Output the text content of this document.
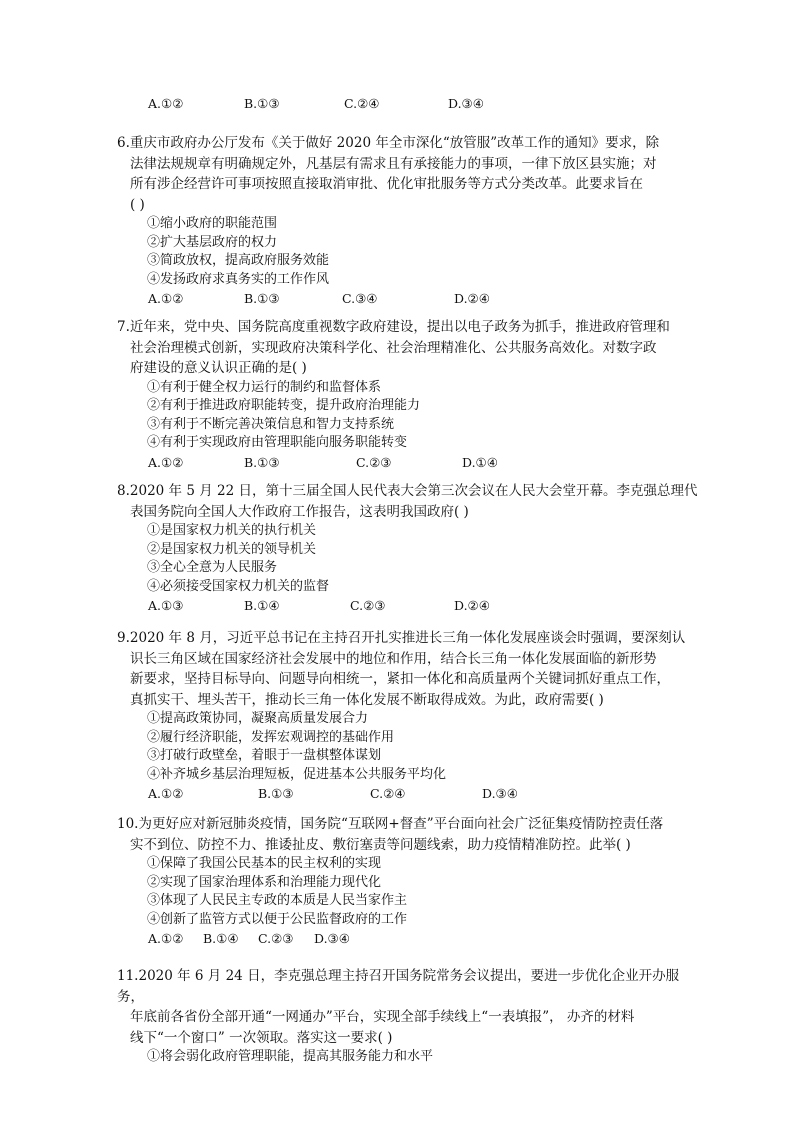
A.①②	B.①③	C.②④	D.③④

6.重庆市政府办公厅发布《关于做好 2020 年全市深化“放管服”改革工作的通知》要求，除

法律法规规章有明确规定外，凡基层有需求且有承接能力的事项，一律下放区县实施；对

所有涉企经营许可事项按照直接取消审批、优化审批服务等方式分类改革。此要求旨在

( )

①缩小政府的职能范围

②扩大基层政府的权力

③简政放权，提高政府服务效能

④发扬政府求真务实的工作作风

A.①②	B.①③	C.③④	D.②④

7.近年来，党中央、国务院高度重视数字政府建设，提出以电子政务为抓手，推进政府管理和

社会治理模式创新，实现政府决策科学化、社会治理精准化、公共服务高效化。对数字政

府建设的意义认识正确的是( )

①有利于健全权力运行的制约和监督体系

②有利于推进政府职能转变，提升政府治理能力

③有利于不断完善决策信息和智力支持系统

④有利于实现政府由管理职能向服务职能转变

A.①②	B.①③	C.②③	D.①④

8.2020 年 5 月 22 日，第十三届全国人民代表大会第三次会议在人民大会堂开幕。李克强总理代

表国务院向全国人大作政府工作报告，这表明我国政府( )

①是国家权力机关的执行机关

②是国家权力机关的领导机关

③全心全意为人民服务

④必须接受国家权力机关的监督

A.①③	B.①④	C.②③	D.②④

9.2020 年 8 月，习近平总书记在主持召开扎实推进长三角一体化发展座谈会时强调，要深刻认

识长三角区域在国家经济社会发展中的地位和作用，结合长三角一体化发展面临的新形势

新要求，坚持目标导向、问题导向相统一，紧扣一体化和高质量两个关键词抓好重点工作，

真抓实干、埋头苦干，推动长三角一体化发展不断取得成效。为此，政府需要( )

①提高政策协同，凝聚高质量发展合力

②履行经济职能，发挥宏观调控的基础作用

③打破行政壁垒，着眼于一盘棋整体谋划

④补齐城乡基层治理短板，促进基本公共服务平均化

A.①②	B.①③	C.②④	D.③④

10.为更好应对新冠肺炎疫情，国务院“互联网+督查”平台面向社会广泛征集疫情防控责任落

实不到位、防控不力、推诿扯皮、敷衍塞责等问题线索，助力疫情精准防控。此举( )

①保障了我国公民基本的民主权利的实现

②实现了国家治理体系和治理能力现代化

③体现了人民民主专政的本质是人民当家作主

④创新了监管方式以便于公民监督政府的工作

A.①② B.①④ C.②③ D.③④

11.2020 年 6 月 24 日，李克强总理主持召开国务院常务会议提出，要进一步优化企业开办服务，

年底前各省份全部开通“一网通办”平台，实现全部手续线上“一表填报”， 办齐的材料

线下“一个窗口” 一次领取。落实这一要求( )

①将会弱化政府管理职能，提高其服务能力和水平
